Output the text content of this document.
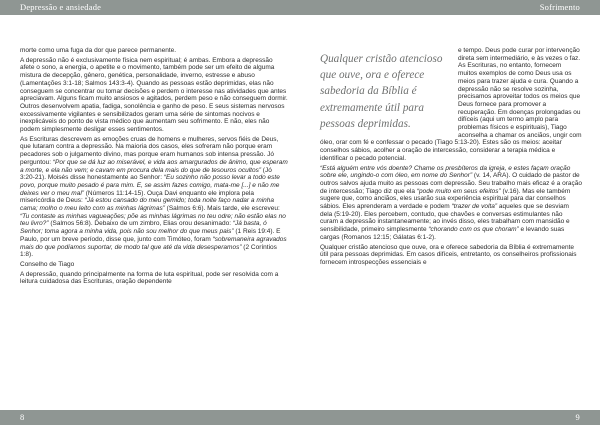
Depressão e ansiedade	Sofrimento

morte como uma fuga da dor que parece permanente.

A depressão não é exclusivamente física nem espiritual; é ambas. Embora a depressão afete o sono, a energia, o apetite e o movimento, também pode ser um efeito de alguma mistura de decepção, gênero, genética, personalidade, inverno, estresse e abuso (Lamentações 3:1-18; Salmos 143:3-4). Quando as pessoas estão deprimidas, elas não conseguem se concentrar ou tomar decisões e perdem o interesse nas atividades que antes apreciavam. Alguns ficam muito ansiosos e agitados, perdem peso e não conseguem dormir. Outros desenvolvem apatia, fadiga, sonolência e ganho de peso. E seus sistemas nervosos excessivamente vigilantes e sensibilizados geram uma série de sintomas nocivos e inexplicáveis do ponto de vista médico que aumentam seu sofrimento. E não, eles não podem simplesmente desligar esses sentimentos.

As Escrituras descrevem as emoções cruas de homens e mulheres, servos fiéis de Deus, que lutaram contra a depressão. Na maioria dos casos, eles sofreram não porque eram pecadores sob o julgamento divino, mas porque eram humanos sob intensa pressão. Jó perguntou: “Por que se dá luz ao miserável, e vida aos amargurados de ânimo, que esperam a morte, e ela não vem; e cavam em procura dela mais do que de tesouros ocultos” (Jó 3:20-21). Moisés disse honestamente ao Senhor: “Eu sozinho não posso levar a todo este povo, porque muito pesado é para mim. E, se assim fazes comigo, mata-me [...] e não me deixes ver o meu mal” (Números 11:14-15). Ouça Davi enquanto ele implora pela misericórdia de Deus: “Já estou cansado do meu gemido; toda noite faço nadar a minha cama; molho o meu leito com as minhas lágrimas” (Salmos 6:6). Mais tarde, ele escreveu: “Tu contaste as minhas vagueações; põe as minhas lágrimas no teu odre; não estão elas no teu livro?” (Salmos 56:8). Debaixo de um zimbro, Elias orou desanimado: “Já basta, ó Senhor; toma agora a minha vida, pois não sou melhor do que meus pais” (1 Reis 19:4). E Paulo, por um breve período, disse que, junto com Timóteo, foram “sobremaneira agravados mais do que podíamos suportar, de modo tal que até da vida desesperamos” (2 Coríntios 1:8).

Conselho de Tiago

A depressão, quando principalmente na forma de luta espiritual, pode ser resolvida com a leitura cuidadosa das Escrituras, oração dependente

Qualquer cristão atencioso que ouve, ora e oferece sabedoria da Bíblia é extremamente útil para pessoas deprimidas.

e tempo. Deus pode curar por intervenção direta sem intermediário, e às vezes o faz. As Escrituras, no entanto, fornecem muitos exemplos de como Deus usa os meios para trazer ajuda e cura. Quando a depressão não se resolve sozinha, precisamos aproveitar todos os meios que Deus fornece para promover a recuperação. Em doenças prolongadas ou difíceis (aqui um termo amplo para problemas físicos e espirituais), Tiago aconselha a chamar os anciãos, ungir com óleo, orar com fé e confessar o pecado (Tiago 5:13-20). Estes são os meios: aceitar conselhos sábios, acolher a oração de intercessão, considerar a terapia médica e identificar o pecado potencial.

“Está alguém entre vós doente? Chame os presbíteros da igreja, e estes façam oração sobre ele, ungindo-o com óleo, em nome do Senhor” (v. 14, ARA). O cuidado de pastor de outros salvos ajuda muito as pessoas com depressão. Seu trabalho mais eficaz é a oração de intercessão; Tiago diz que ela “pode muito em seus efeitos” (v.16). Mas ele também sugere que, como anciãos, eles usarão sua experiência espiritual para dar conselhos sábios. Eles aprenderam a verdade e podem “trazer de volta” aqueles que se desviam dela (5:19-20). Eles percebem, contudo, que chavões e conversas estimulantes não curam a depressão instantaneamente; ao invés disso, eles trabalham com mansidão e sensibilidade, primeiro simplesmente “chorando com os que choram” e levando suas cargas (Romanos 12:15; Gálatas 6:1-2).

Qualquer cristão atencioso que ouve, ora e oferece sabedoria da Bíblia é extremamente útil para pessoas deprimidas. Em casos difíceis, entretanto, os conselheiros profissionais fornecem introspecções essenciais e

8	9
